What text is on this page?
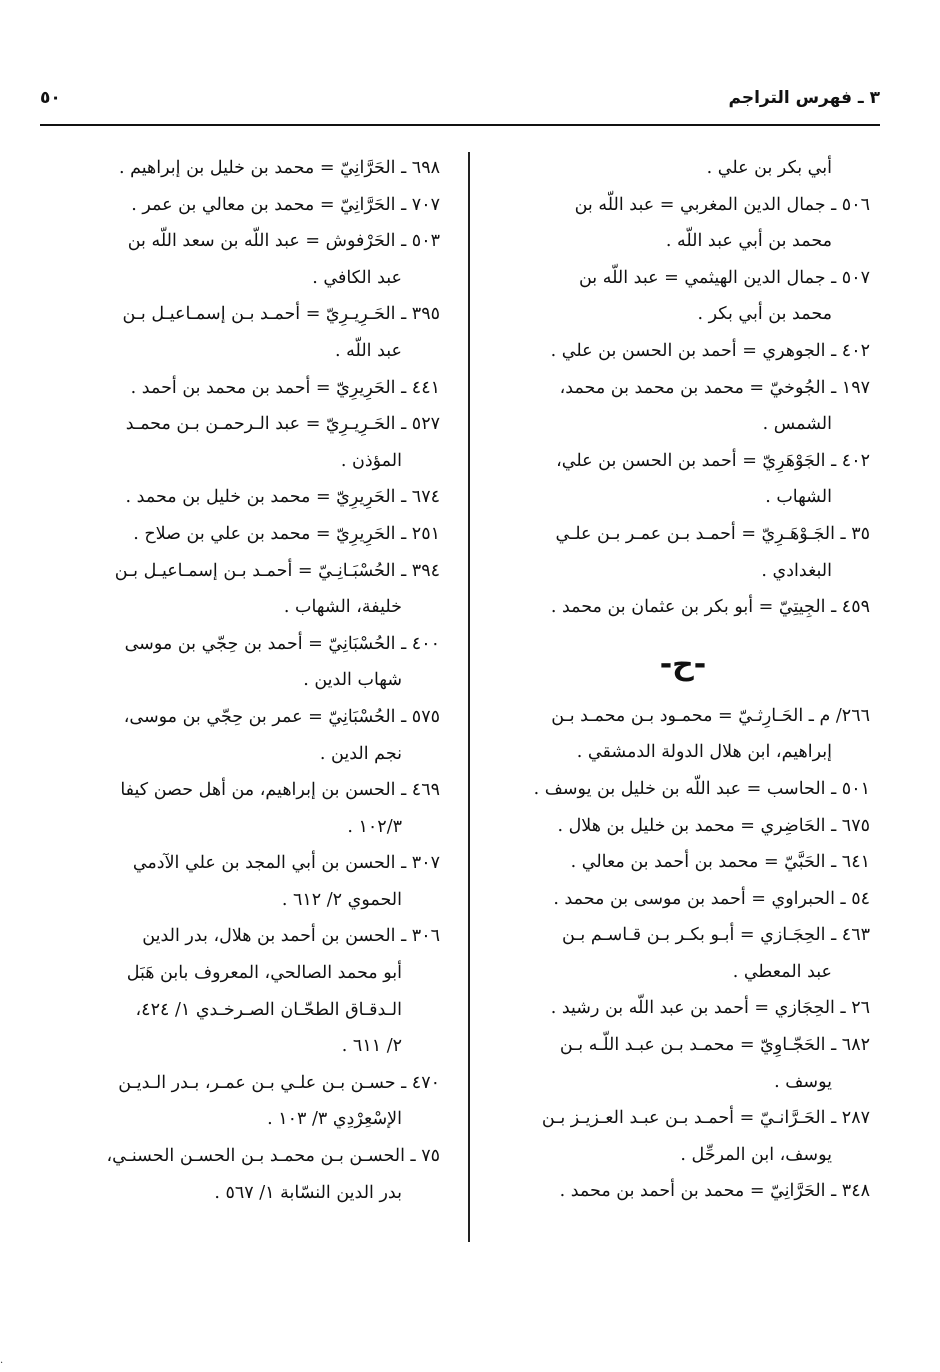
٣ ـ فهرس التراجم
٥٠
أبي بكر بن علي .
٥٠٦ ـ جمال الدين المغربي = عبد اللّه بن
محمد بن أبي عبد اللّه .
٥٠٧ ـ جمال الدين الهيثمي = عبد اللّه بن
محمد بن أبي بكر .
٤٠٢ ـ الجوهري = أحمد بن الحسن بن علي .
١٩٧ ـ الجُوخيّ = محمد بن محمد بن محمد،
الشمس .
٤٠٢ ـ الجَوْهَرِيّ = أحمد بن الحسن بن علي،
الشهاب .
٣٥ ـ الجَـوْهَـرِيّ = أحمـد بـن عمـر بـن علـي
البغدادي .
٤٥٩ ـ الجِيتِيّ = أبو بكر بن عثمان بن محمد .
-ح-
٢٦٦/ م ـ الحَـارِثـيّ = محمـود بـن محمـد بـن
إبراهيم، ابن هلال الدولة الدمشقي .
٥٠١ ـ الحاسب = عبد اللّه بن خليل بن يوسف .
٦٧٥ ـ الحَاضِري = محمد بن خليل بن هلال .
٦٤١ ـ الحَبَّيّ = محمد بن أحمد بن معالي .
٥٤ ـ الحبراوي = أحمد بن موسى بن محمد .
٤٦٣ ـ الحِجَـازي = أبـو بكـر بـن قـاسـم بـن
عبد المعطي .
٢٦ ـ الحِجَازي = أحمد بن عبد اللّه بن رشيد .
٦٨٢ ـ الحَجّـاوِيّ = محمـد بـن عبـد اللّـه بـن
يوسف .
٢٨٧ ـ الحَـرَّانـيّ = أحمـد بـن عبـد العـزيـز بـن
يوسف، ابن المرحِّل .
٣٤٨ ـ الحَرَّانِيّ = محمد بن أحمد بن محمد .
٦٩٨ ـ الحَرَّانِيّ = محمد بن خليل بن إبراهيم .
٧٠٧ ـ الحَرَّانِيّ = محمد بن معالي بن عمر .
٥٠٣ ـ الحَرْفوش = عبد اللّه بن سعد اللّه بن
عبد الكافي .
٣٩٥ ـ الحَـرِيـرِيّ = أحمـد بـن إسمـاعيـل بـن
عبد اللّه .
٤٤١ ـ الحَرِيرِيّ = أحمد بن محمد بن أحمد .
٥٢٧ ـ الحَـرِيـرِيّ = عبد الـرحمـن بـن محمـد
المؤذن .
٦٧٤ ـ الحَرِيرِيّ = محمد بن خليل بن محمد .
٢٥١ ـ الحَرِيرِيّ = محمد بن علي بن صلاح .
٣٩٤ ـ الحُسْبَـانِـيّ = أحمـد بـن إسمـاعيـل بـن
خليفة، الشهاب .
٤٠٠ ـ الحُسْبَانِيّ = أحمد بن حِجّي بن موسى
شهاب الدين .
٥٧٥ ـ الحُسْبَانِيّ = عمر بن حِجّي بن موسى،
نجم الدين .
٤٦٩ ـ الحسن بن إبراهيم، من أهل حصن كيفا
١٠٢/٣ .
٣٠٧ ـ الحسن بن أبي المجد بن علي الآدمي
الحموي ٢/ ٦١٢ .
٣٠٦ ـ الحسن بن أحمد بن هلال، بدر الدين
أبو محمد الصالحي، المعروف بابن هَبَل
الـدقـاق الطحّـان الصـرخـدي ١/ ٤٢٤،
٢/ ٦١١ .
٤٧٠ ـ حسـن بـن علـي بـن عمـر، بـدر الـديـن
الإسْعِرْدِي ٣/ ١٠٣ .
٧٥ ـ الحسـن بـن محمـد بـن الحسـن الحسنـي،
بدر الدين النسّابة ١/ ٥٦٧ .
.
